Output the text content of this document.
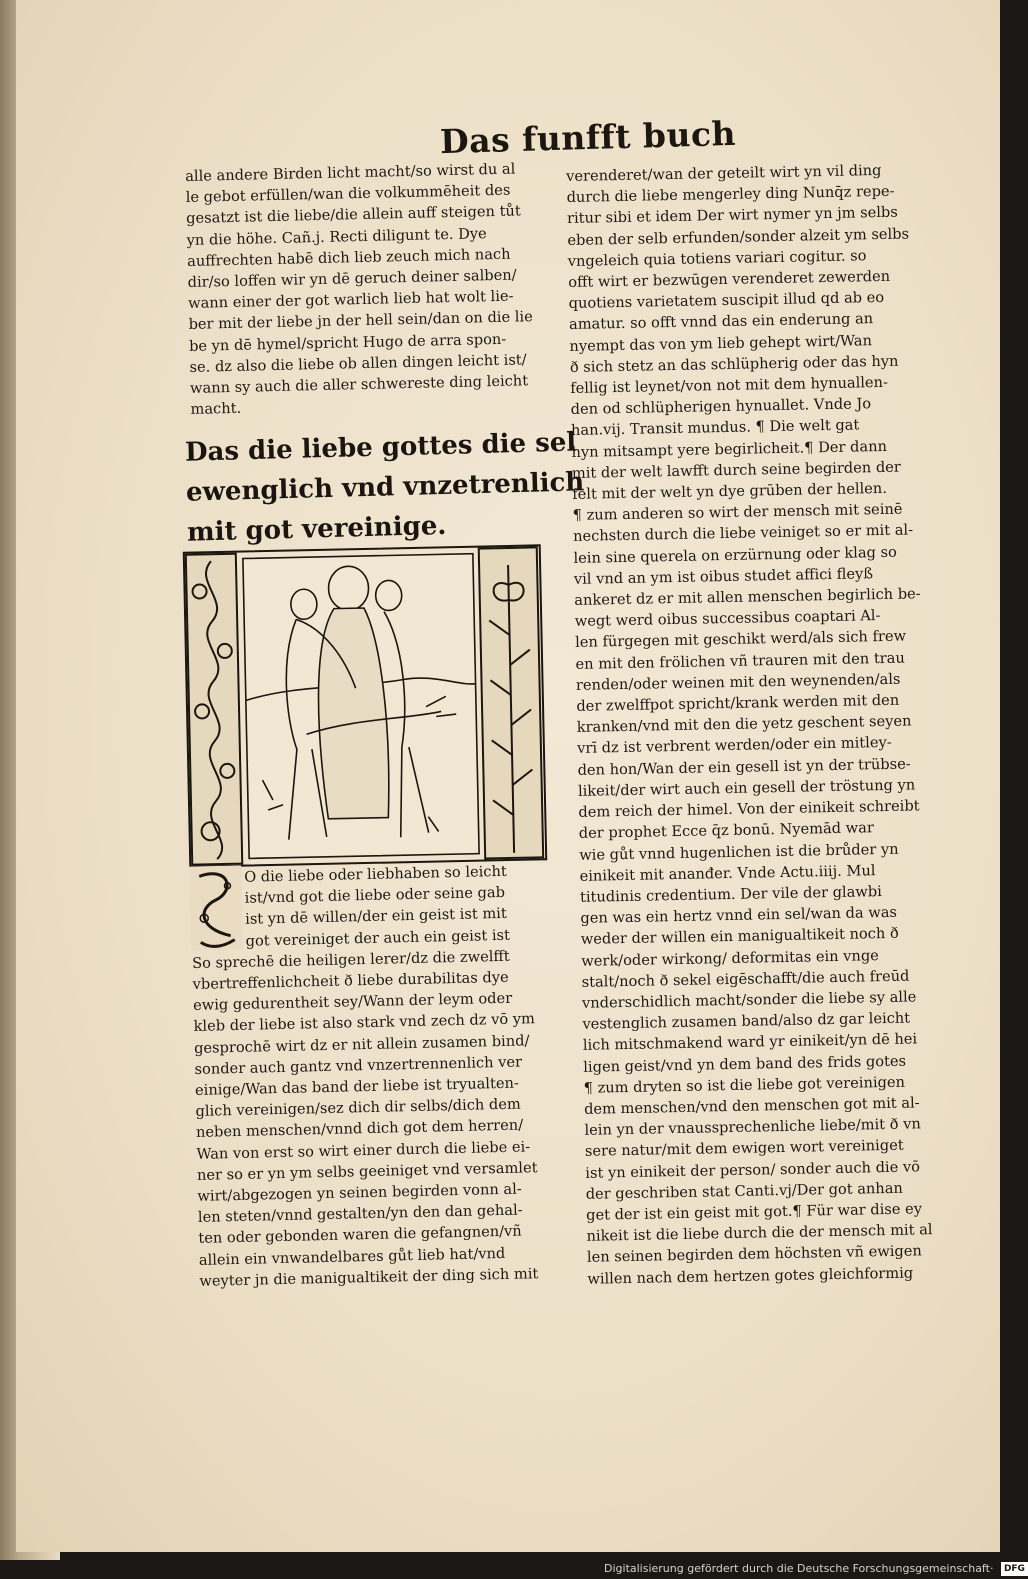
Das funfft buch
alle andere Birden licht macht/so wirst du al
le gebot erfüllen/wan die volkummēheit des
gesatzt ist die liebe/die allein auff steigen tůt
yn die höhe. Cañ.j. Recti diligunt te. Dye
auffrechten habē dich lieb zeuch mich nach
dir/so loffen wir yn dē geruch deiner salben/
wann einer der got warlich lieb hat wolt lie-
ber mit der liebe jn der hell sein/dan on die lie
be yn dē hymel/spricht Hugo de arra spon-
se. dz also die liebe ob allen dingen leicht ist/
wann sy auch die aller schwereste ding leicht
macht.
Das die liebe gottes die sel
ewenglich vnd vnzetrenlich
mit got vereinige.
O die liebe oder liebhaben so leicht
ist/vnd got die liebe oder seine gab
ist yn dē willen/der ein geist ist mit
got vereiniget der auch ein geist ist
So sprechē die heiligen lerer/dz die zwelfft
vbertreffenlichcheit ð liebe durabilitas dye
ewig gedurentheit sey/Wann der leym oder
kleb der liebe ist also stark vnd zech dz vō ym
gesprochē wirt dz er nit allein zusamen bind/
sonder auch gantz vnd vnzertrennenlich ver
einige/Wan das band der liebe ist tryualten-
glich vereinigen/sez dich dir selbs/dich dem
neben menschen/vnnd dich got dem herren/
Wan von erst so wirt einer durch die liebe ei-
ner so er yn ym selbs geeiniget vnd versamlet
wirt/abgezogen yn seinen begirden vonn al-
len steten/vnnd gestalten/yn den dan gehal-
ten oder gebonden waren die gefangnen/vñ
allein ein vnwandelbares gůt lieb hat/vnd
weyter jn die manigualtikeit der ding sich mit
verenderet/wan der geteilt wirt yn vil ding
durch die liebe mengerley ding Nunq̄z repe-
ritur sibi et idem Der wirt nymer yn jm selbs
eben der selb erfunden/sonder alzeit ym selbs
vngeleich quia totiens variari cogitur. so
offt wirt er bezwūgen verenderet zewerden
quotiens varietatem suscipit illud qd ab eo
amatur. so offt vnnd das ein enderung an
nyempt das von ym lieb gehept wirt/Wan
ð sich stetz an das schlüpherig oder das hyn
fellig ist leynet/von not mit dem hynuallen-
den od schlüpherigen hynuallet. Vnde Jo
han.vij. Transit mundus. ¶ Die welt gat
hyn mitsampt yere begirlicheit.¶ Der dann
mit der welt lawfft durch seine begirden der
felt mit der welt yn dye grūben der hellen.
¶ zum anderen so wirt der mensch mit seinē
nechsten durch die liebe veiniget so er mit al-
lein sine querela on erzürnung oder klag so
vil vnd an ym ist oibus studet affici fleyß
ankeret dz er mit allen menschen begirlich be-
wegt werd oibus successibus coaptari Al-
len fürgegen mit geschikt werd/als sich frew
en mit den frölichen vñ trauren mit den trau
renden/oder weinen mit den weynenden/als
der zwelffpot spricht/krank werden mit den
kranken/vnd mit den die yetz geschent seyen
vrī dz ist verbrent werden/oder ein mitley-
den hon/Wan der ein gesell ist yn der trübse-
likeit/der wirt auch ein gesell der tröstung yn
dem reich der himel. Von der einikeit schreibt
der prophet Ecce q̄z bonū. Nyemād war
wie gůt vnnd hugenlichen ist die brůder yn
einikeit mit ananđer. Vnde Actu.iiij. Mul
titudinis credentium. Der vile der glawbi
gen was ein hertz vnnd ein sel/wan da was
weder der willen ein manigualtikeit noch ð
werk/oder wirkong/ deformitas ein vnge
stalt/noch ð sekel eigēschafft/die auch freūd
vnderschidlich macht/sonder die liebe sy alle
vestenglich zusamen band/also dz gar leicht
lich mitschmakend ward yr einikeit/yn dē hei
ligen geist/vnd yn dem band des frids gotes
¶ zum dryten so ist die liebe got vereinigen
dem menschen/vnd den menschen got mit al-
lein yn der vnaussprechenliche liebe/mit ð vn
sere natur/mit dem ewigen wort vereiniget
ist yn einikeit der person/ sonder auch die vō
der geschriben stat Canti.vj/Der got anhan
get der ist ein geist mit got.¶ Für war dise ey
nikeit ist die liebe durch die der mensch mit al
len seinen begirden dem höchsten vñ ewigen
willen nach dem hertzen gotes gleichformig
Digitalisierung gefördert durch die Deutsche Forschungsgemeinschaft· DFG
